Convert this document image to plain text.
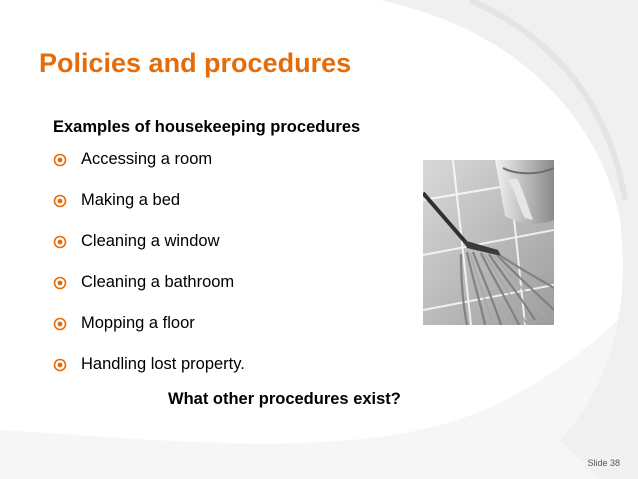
Policies and procedures

Examples of housekeeping procedures

Accessing a room
Making a bed
Cleaning a window
Cleaning a bathroom
Mopping a floor
Handling lost property.

What other procedures exist?

Slide 38
